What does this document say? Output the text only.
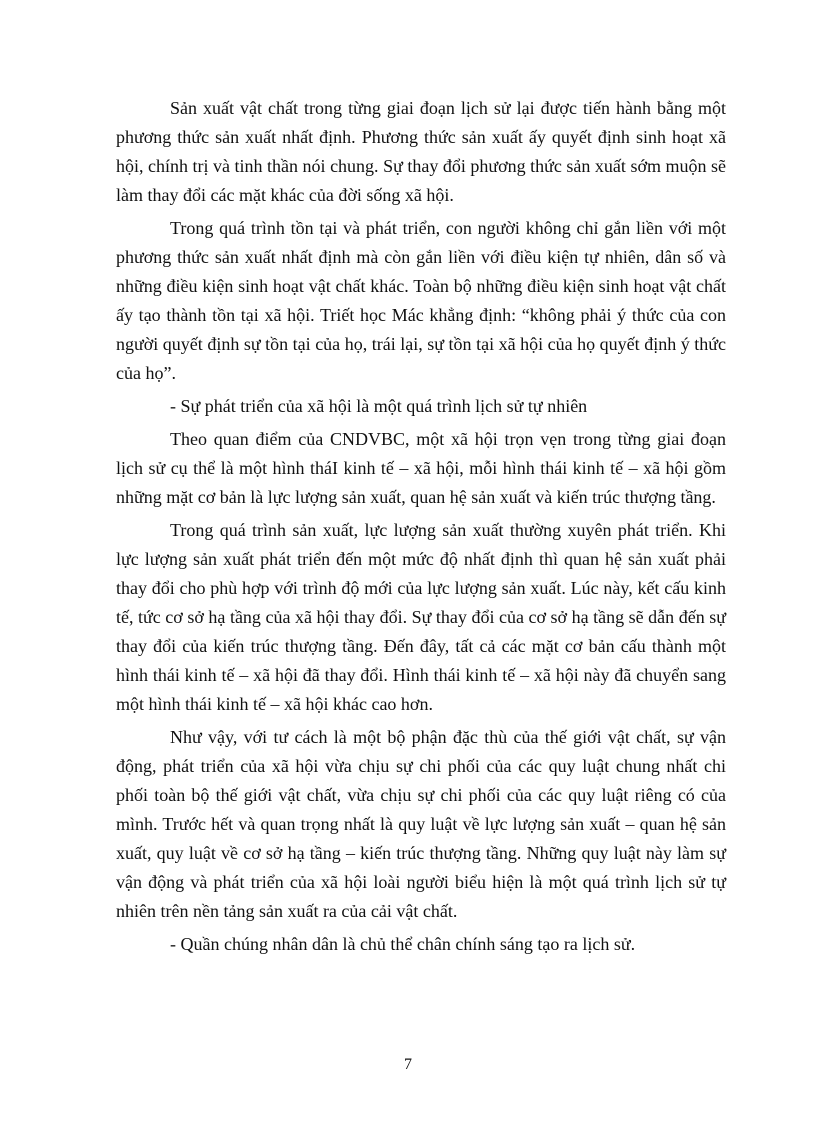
Sản xuất vật chất trong từng giai đoạn lịch sử lại được tiến hành bằng một phương thức sản xuất nhất định. Phương thức sản xuất ấy quyết định sinh hoạt xã hội, chính trị và tinh thần nói chung. Sự thay đổi phương thức sản xuất sớm muộn sẽ làm thay đổi các mặt khác của đời sống xã hội.

Trong quá trình tồn tại và phát triển, con người không chỉ gắn liền với một phương thức sản xuất nhất định mà còn gắn liền với điều kiện tự nhiên, dân số và những điều kiện sinh hoạt vật chất khác. Toàn bộ những điều kiện sinh hoạt vật chất ấy tạo thành tồn tại xã hội. Triết học Mác khẳng định: “không phải ý thức của con người quyết định sự tồn tại của họ, trái lại, sự tồn tại xã hội của họ quyết định ý thức của họ”.

- Sự phát triển của xã hội là một quá trình lịch sử tự nhiên

Theo quan điểm của CNDVBC, một xã hội trọn vẹn trong từng giai đoạn lịch sử cụ thể là một hình tháI kinh tế – xã hội, mỗi hình thái kinh tế – xã hội gồm những mặt cơ bản là lực lượng sản xuất, quan hệ sản xuất và kiến trúc thượng tầng.

Trong quá trình sản xuất, lực lượng sản xuất thường xuyên phát triển. Khi lực lượng sản xuất phát triển đến một mức độ nhất định thì quan hệ sản xuất phải thay đổi cho phù hợp với trình độ mới của lực lượng sản xuất. Lúc này, kết cấu kinh tế, tức cơ sở hạ tầng của xã hội thay đổi. Sự thay đổi của cơ sở hạ tầng sẽ dẫn đến sự thay đổi của kiến trúc thượng tầng. Đến đây, tất cả các mặt cơ bản cấu thành một hình thái kinh tế – xã hội đã thay đổi. Hình thái kinh tế – xã hội này đã chuyển sang một hình thái kinh tế – xã hội khác cao hơn.

Như vậy, với tư cách là một bộ phận đặc thù của thế giới vật chất, sự vận động, phát triển của xã hội vừa chịu sự chi phối của các quy luật chung nhất chi phối toàn bộ thế giới vật chất, vừa chịu sự chi phối của các quy luật riêng có của mình. Trước hết và quan trọng nhất là quy luật về lực lượng sản xuất – quan hệ sản xuất, quy luật về cơ sở hạ tầng – kiến trúc thượng tầng. Những quy luật này làm sự vận động và phát triển của xã hội loài người biểu hiện là một quá trình lịch sử tự nhiên trên nền tảng sản xuất ra của cải vật chất.

- Quần chúng nhân dân là chủ thể chân chính sáng tạo ra lịch sử.

7
